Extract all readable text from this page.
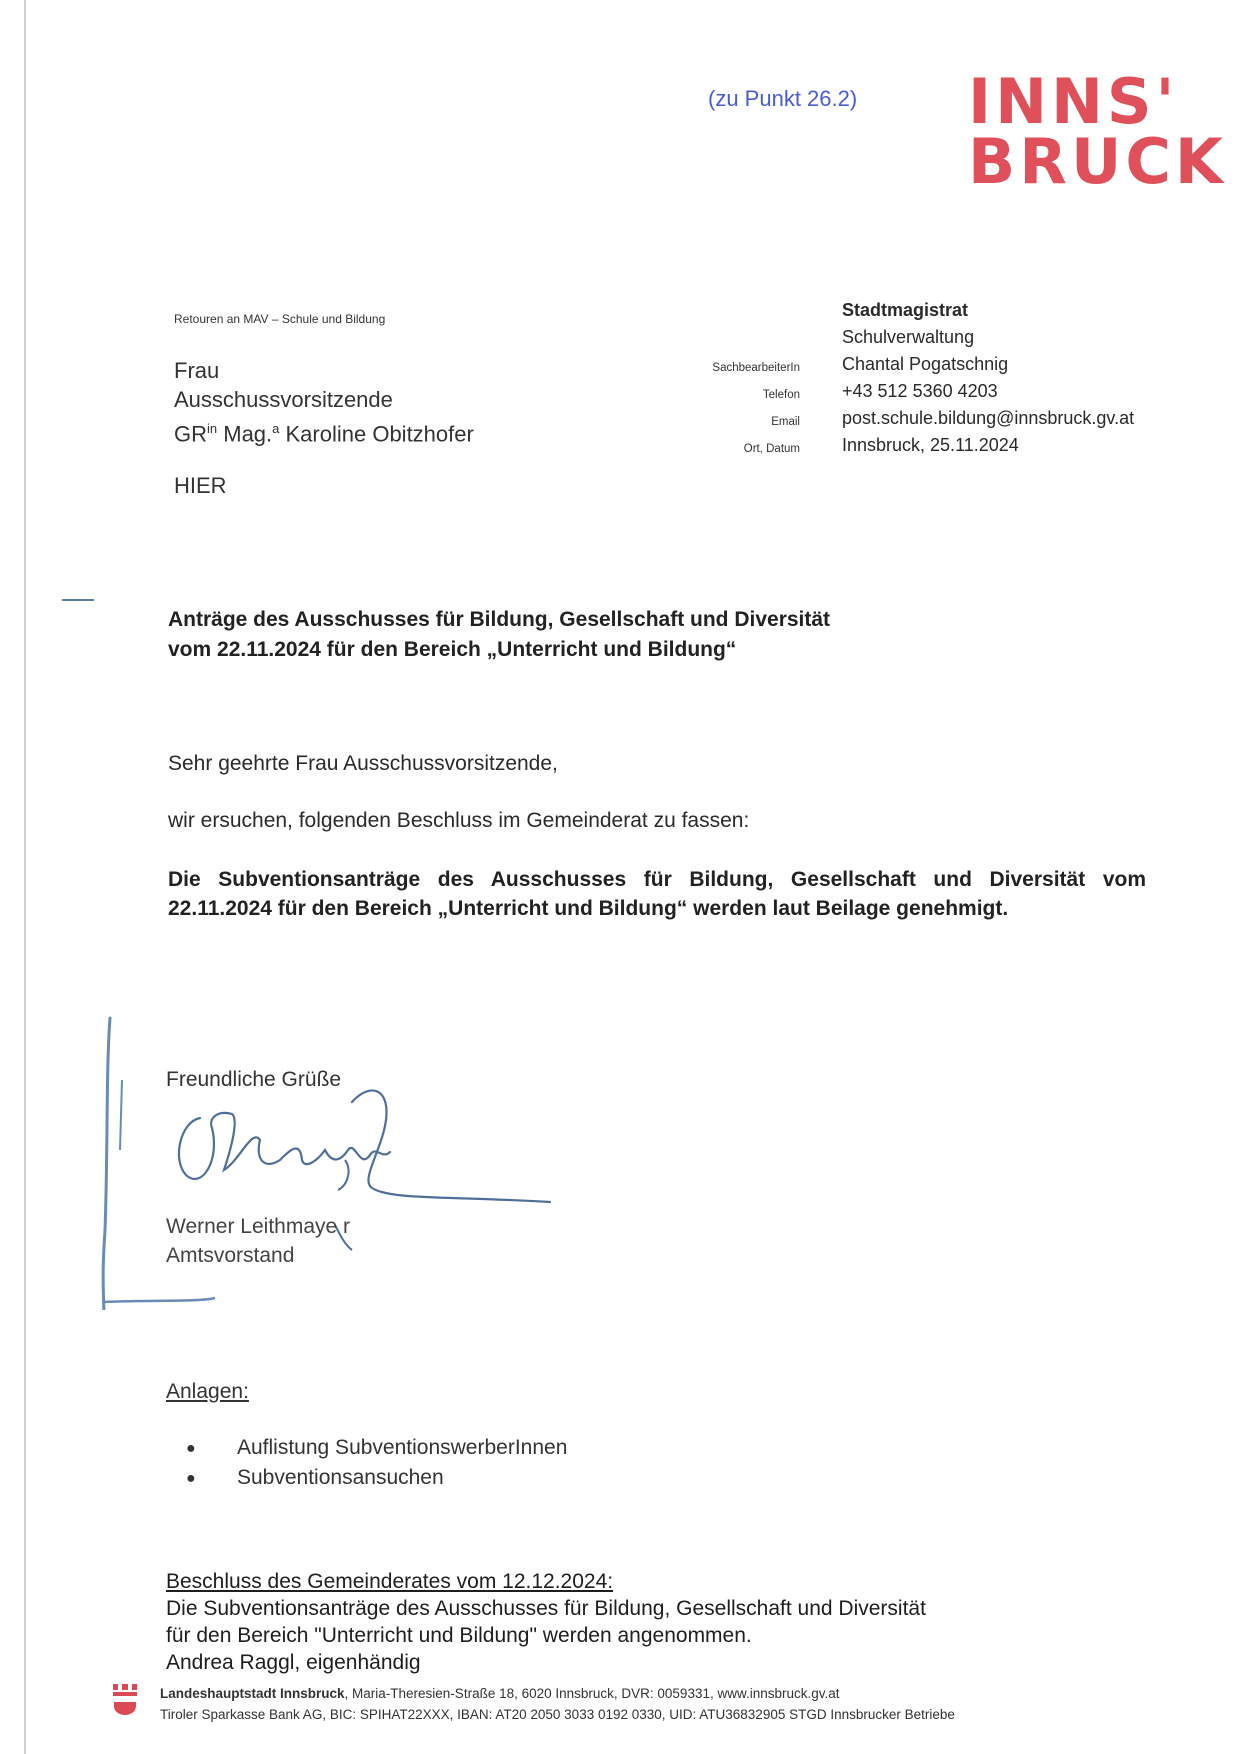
(zu Punkt 26.2) INNS'
BRUCK
Retouren an MAV – Schule und Bildung
Frau
Ausschussvorsitzende
$GR^{in}$ Mag.$^a$ Karoline Obitzhofer
HIER
Stadtmagistrat
Schulverwaltung
SachbearbeiterIn Chantal Pogatschnig
Telefon +43 512 5360 4203
Email post.schule.bildung@innsbruck.gv.at
Ort, Datum Innsbruck, 25.11.2024
Anträge des Ausschusses für Bildung, Gesellschaft und Diversität
vom 22.11.2024 für den Bereich „Unterricht und Bildung“
Sehr geehrte Frau Ausschussvorsitzende,
wir ersuchen, folgenden Beschluss im Gemeinderat zu fassen:
Die Subventionsanträge des Ausschusses für Bildung, Gesellschaft und Diversität vom 22.11.2024 für den Bereich „Unterricht und Bildung“ werden laut Beilage genehmigt.
Freundliche Grüße
Werner Leithmaye r
Amtsvorstand
Anlagen:
● Auflistung SubventionswerberInnen
● Subventionsansuchen
Beschluss des Gemeinderates vom 12.12.2024:
Die Subventionsanträge des Ausschusses für Bildung, Gesellschaft und Diversität
für den Bereich "Unterricht und Bildung" werden angenommen.
Andrea Raggl, eigenhändig
Landeshauptstadt Innsbruck, Maria-Theresien-Straße 18, 6020 Innsbruck, DVR: 0059331, www.innsbruck.gv.at
Tiroler Sparkasse Bank AG, BIC: SPIHAT22XXX, IBAN: AT20 2050 3033 0192 0330, UID: ATU36832905 STGD Innsbrucker Betriebe
